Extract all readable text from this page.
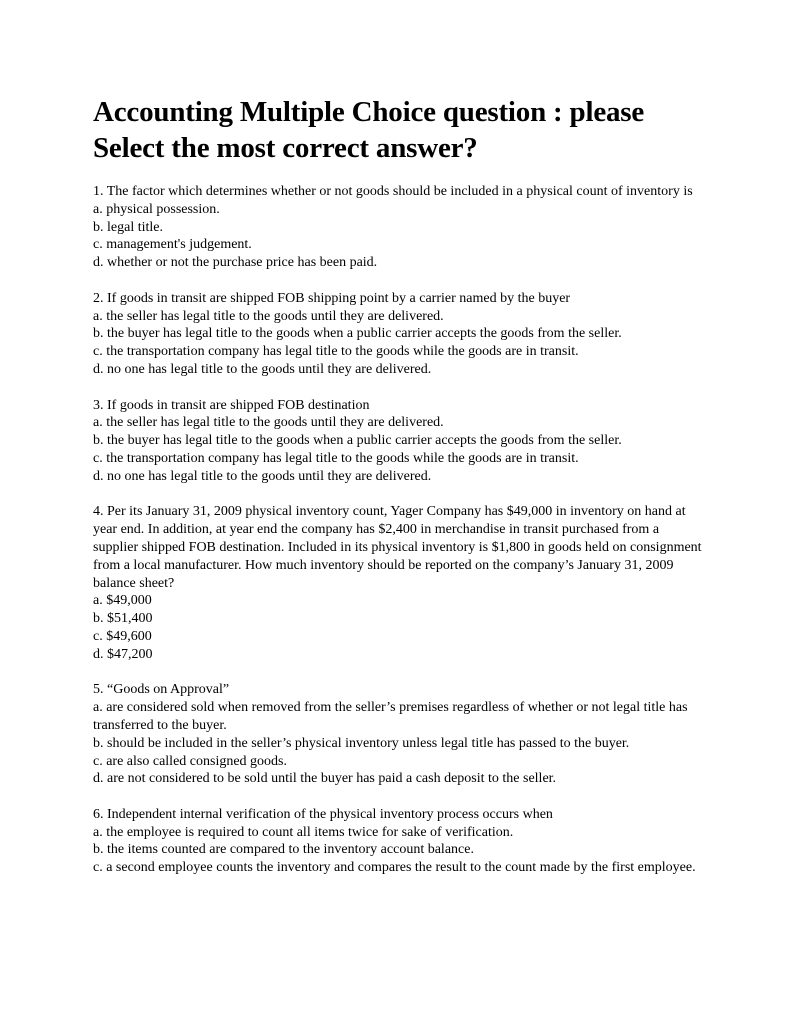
Accounting Multiple Choice question : please
Select the most correct answer?

1. The factor which determines whether or not goods should be included in a physical count of inventory is

a. physical possession.

b. legal title.

c. management's judgement.

d. whether or not the purchase price has been paid.

2. If goods in transit are shipped FOB shipping point by a carrier named by the buyer

a. the seller has legal title to the goods until they are delivered.

b. the buyer has legal title to the goods when a public carrier accepts the goods from the seller.

c. the transportation company has legal title to the goods while the goods are in transit.

d. no one has legal title to the goods until they are delivered.

3. If goods in transit are shipped FOB destination

a. the seller has legal title to the goods until they are delivered.

b. the buyer has legal title to the goods when a public carrier accepts the goods from the seller.

c. the transportation company has legal title to the goods while the goods are in transit.

d. no one has legal title to the goods until they are delivered.

4. Per its January 31, 2009 physical inventory count, Yager Company has $49,000 in inventory on hand at year end. In addition, at year end the company has $2,400 in merchandise in transit purchased from a supplier shipped FOB destination. Included in its physical inventory is $1,800 in goods held on consignment from a local manufacturer. How much inventory should be reported on the company’s January 31, 2009 balance sheet?

a. $49,000

b. $51,400

c. $49,600

d. $47,200

5. “Goods on Approval”

a. are considered sold when removed from the seller’s premises regardless of whether or not legal title has transferred to the buyer.

b. should be included in the seller’s physical inventory unless legal title has passed to the buyer.

c. are also called consigned goods.

d. are not considered to be sold until the buyer has paid a cash deposit to the seller.

6. Independent internal verification of the physical inventory process occurs when

a. the employee is required to count all items twice for sake of verification.

b. the items counted are compared to the inventory account balance.

c. a second employee counts the inventory and compares the result to the count made by the first employee.
